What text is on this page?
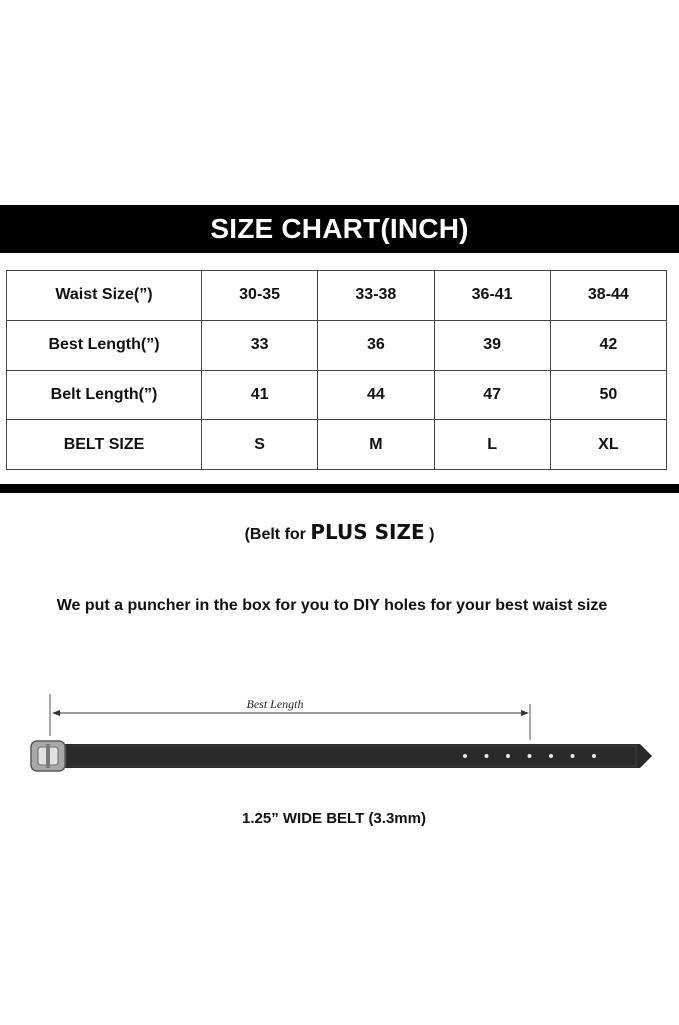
SIZE CHART(INCH)
Waist Size(”)	30-35	33-38	36-41	38-44
Best Length(”)	33	36	39	42
Belt Length(”)	41	44	47	50
BELT SIZE	S	M	L	XL
(Belt for PLUS SIZE )
We put a puncher in the box for you to DIY holes for your best waist size
Best Length
1.25” WIDE BELT (3.3mm)
